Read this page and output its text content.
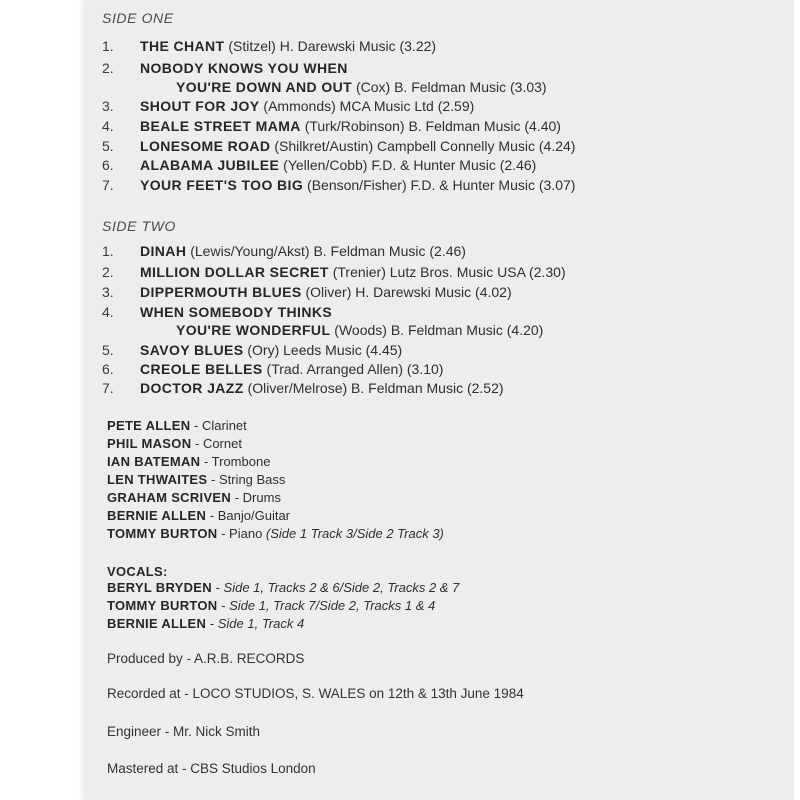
SIDE ONE
1. THE CHANT (Stitzel) H. Darewski Music (3.22)
2. NOBODY KNOWS YOU WHEN
YOU'RE DOWN AND OUT (Cox) B. Feldman Music (3.03)
3. SHOUT FOR JOY (Ammonds) MCA Music Ltd (2.59)
4. BEALE STREET MAMA (Turk/Robinson) B. Feldman Music (4.40)
5. LONESOME ROAD (Shilkret/Austin) Campbell Connelly Music (4.24)
6. ALABAMA JUBILEE (Yellen/Cobb) F.D. & Hunter Music (2.46)
7. YOUR FEET'S TOO BIG (Benson/Fisher) F.D. & Hunter Music (3.07)
SIDE TWO
1. DINAH (Lewis/Young/Akst) B. Feldman Music (2.46)
2. MILLION DOLLAR SECRET (Trenier) Lutz Bros. Music USA (2.30)
3. DIPPERMOUTH BLUES (Oliver) H. Darewski Music (4.02)
4. WHEN SOMEBODY THINKS
YOU'RE WONDERFUL (Woods) B. Feldman Music (4.20)
5. SAVOY BLUES (Ory) Leeds Music (4.45)
6. CREOLE BELLES (Trad. Arranged Allen) (3.10)
7. DOCTOR JAZZ (Oliver/Melrose) B. Feldman Music (2.52)
PETE ALLEN - Clarinet
PHIL MASON - Cornet
IAN BATEMAN - Trombone
LEN THWAITES - String Bass
GRAHAM SCRIVEN - Drums
BERNIE ALLEN - Banjo/Guitar
TOMMY BURTON - Piano (Side 1 Track 3/Side 2 Track 3)
VOCALS:
BERYL BRYDEN - Side 1, Tracks 2 & 6/Side 2, Tracks 2 & 7
TOMMY BURTON - Side 1, Track 7/Side 2, Tracks 1 & 4
BERNIE ALLEN - Side 1, Track 4
Produced by - A.R.B. RECORDS
Recorded at - LOCO STUDIOS, S. WALES on 12th & 13th June 1984
Engineer - Mr. Nick Smith
Mastered at - CBS Studios London
